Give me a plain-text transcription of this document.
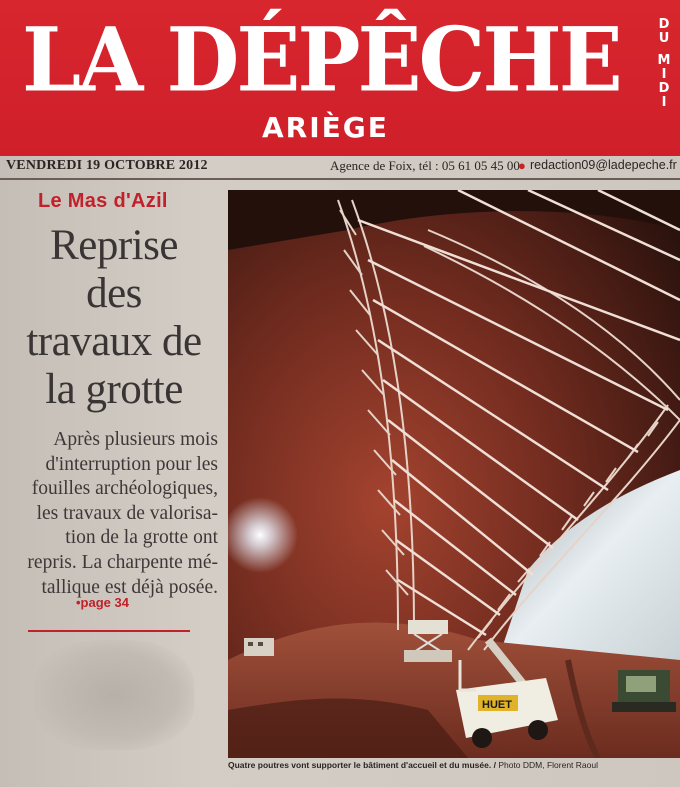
LA DÉPÊCHE
ARIÈGE
D
U
M
I
D
I
VENDREDI 19 OCTOBRE 2012	Agence de Foix, tél : 05 61 05 45 00
● redaction09@ladepeche.fr
Le Mas d'Azil
Reprise
des
travaux de
la grotte
Après plusieurs mois
d'interruption pour les
fouilles archéologiques,
les travaux de valorisa-
tion de la grotte ont
repris. La charpente mé-
tallique est déjà posée.
•page 34
HUET
Quatre poutres vont supporter le bâtiment d'accueil et du musée. / Photo DDM, Florent Raoul
